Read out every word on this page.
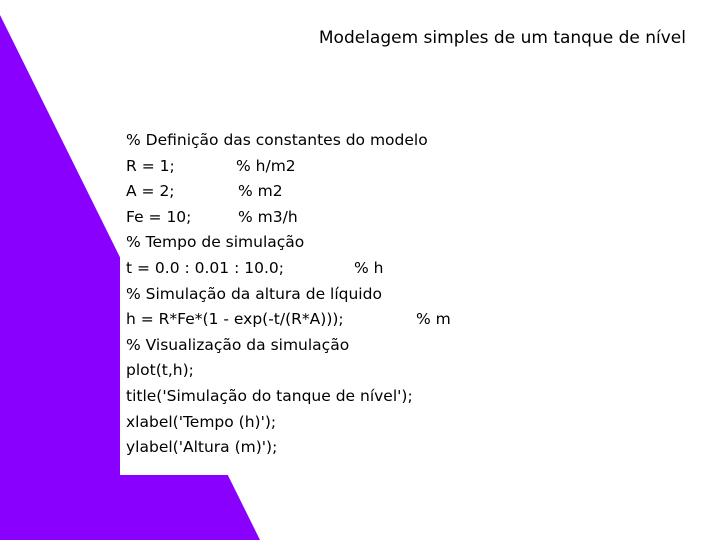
Modelagem simples de um tanque de nível
% Definição das constantes do modelo
R = 1;	% h/m2
A = 2;	% m2
Fe = 10;	% m3/h
% Tempo de simulação
t = 0.0 : 0.01 : 10.0;	% h
% Simulação da altura de líquido
h = R*Fe*(1 - exp(-t/(R*A)));	% m
% Visualização da simulação
plot(t,h);
title('Simulação do tanque de nível');
xlabel('Tempo (h)');
ylabel('Altura (m)');
